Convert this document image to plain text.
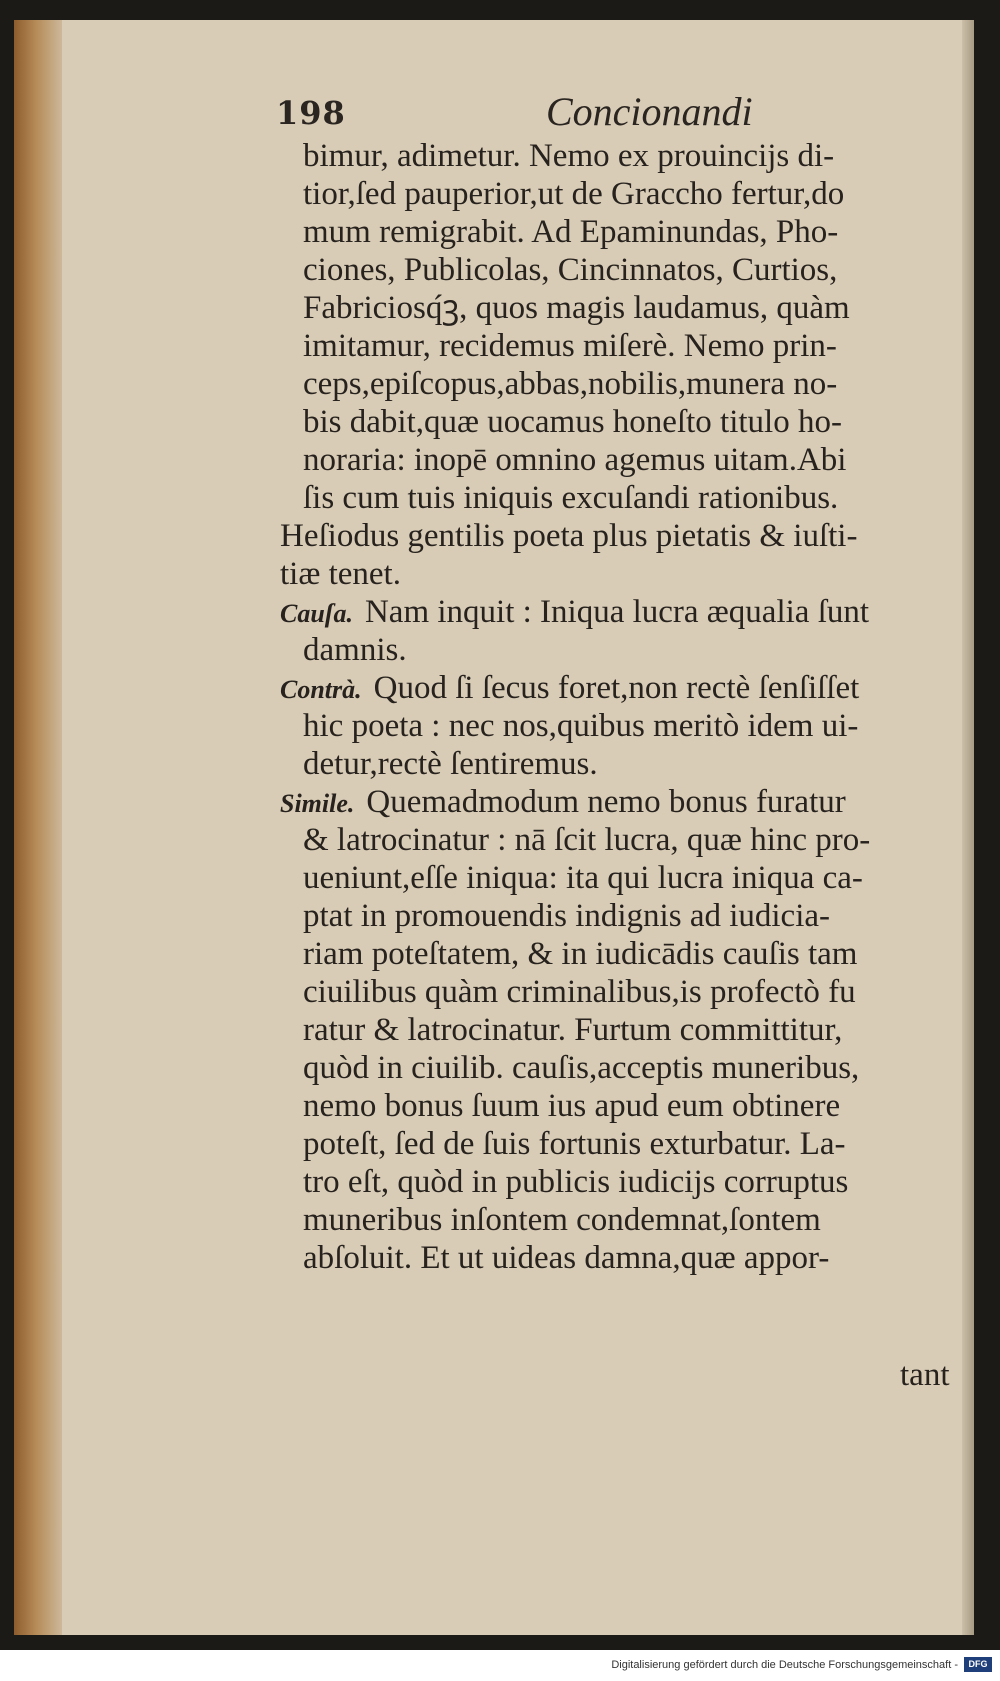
198	Concionandi

bimur, adimetur. Nemo ex prouincijs di-

tior,ſed pauperior,ut de Graccho fertur,do

mum remigrabit. Ad Epaminundas, Pho-

ciones, Publicolas, Cincinnatos, Curtios,

Fabriciosq́ꝫ, quos magis laudamus, quàm

imitamur, recidemus miſerè. Nemo prin-

ceps,epiſcopus,abbas,nobilis,munera no-

bis dabit,quæ uocamus honeſto titulo ho-

noraria: inopē omnino agemus uitam.Abi

ſis cum tuis iniquis excuſandi rationibus.

Heſiodus gentilis poeta plus pietatis & iuſti-

tiæ tenet.

Cauſa. Nam inquit : Iniqua lucra æqualia ſunt

damnis.

Contrà. Quod ſi ſecus foret,non rectè ſenſiſſet

hic poeta : nec nos,quibus meritò idem ui-

detur,rectè ſentiremus.

Simile. Quemadmodum nemo bonus furatur

& latrocinatur : nā ſcit lucra, quæ hinc pro-

ueniunt,eſſe iniqua: ita qui lucra iniqua ca-

ptat in promouendis indignis ad iudicia-

riam poteſtatem, & in iudicādis cauſis tam

ciuilibus quàm criminalibus,is profectò fu

ratur & latrocinatur. Furtum committitur,

quòd in ciuilib. cauſis,acceptis muneribus,

nemo bonus ſuum ius apud eum obtinere

poteſt, ſed de ſuis fortunis exturbatur. La-

tro eſt, quòd in publicis iudicijs corruptus

muneribus inſontem condemnat,ſontem

abſoluit. Et ut uideas damna,quæ appor-

tant
Digitalisierung gefördert durch die Deutsche Forschungsgemeinschaft -	DFG
